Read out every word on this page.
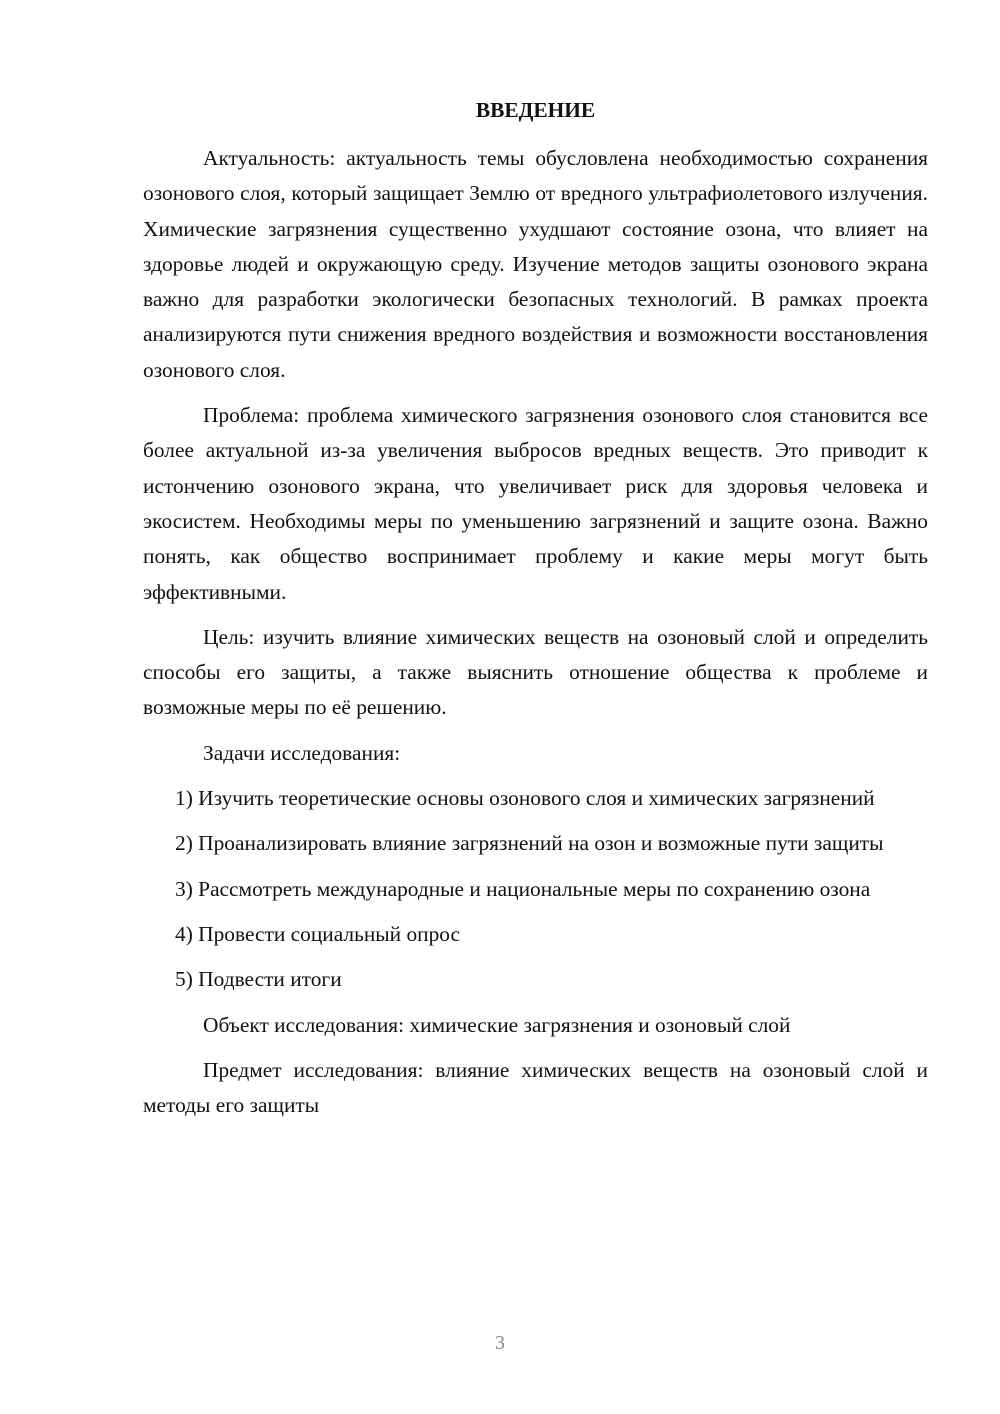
ВВЕДЕНИЕ

Актуальность: актуальность темы обусловлена необходимостью сохранения озонового слоя, который защищает Землю от вредного ультрафиолетового излучения. Химические загрязнения существенно ухудшают состояние озона, что влияет на здоровье людей и окружающую среду. Изучение методов защиты озонового экрана важно для разработки экологически безопасных технологий. В рамках проекта анализируются пути снижения вредного воздействия и возможности восстановления озонового слоя.

Проблема: проблема химического загрязнения озонового слоя становится все более актуальной из-за увеличения выбросов вредных веществ. Это приводит к истончению озонового экрана, что увеличивает риск для здоровья человека и экосистем. Необходимы меры по уменьшению загрязнений и защите озона. Важно понять, как общество воспринимает проблему и какие меры могут быть эффективными.

Цель: изучить влияние химических веществ на озоновый слой и определить способы его защиты, а также выяснить отношение общества к проблеме и возможные меры по её решению.

Задачи исследования:

1) Изучить теоретические основы озонового слоя и химических загрязнений

2) Проанализировать влияние загрязнений на озон и возможные пути защиты

3) Рассмотреть международные и национальные меры по сохранению озона

4) Провести социальный опрос

5) Подвести итоги

Объект исследования: химические загрязнения и озоновый слой

Предмет исследования: влияние химических веществ на озоновый слой и методы его защиты

3
